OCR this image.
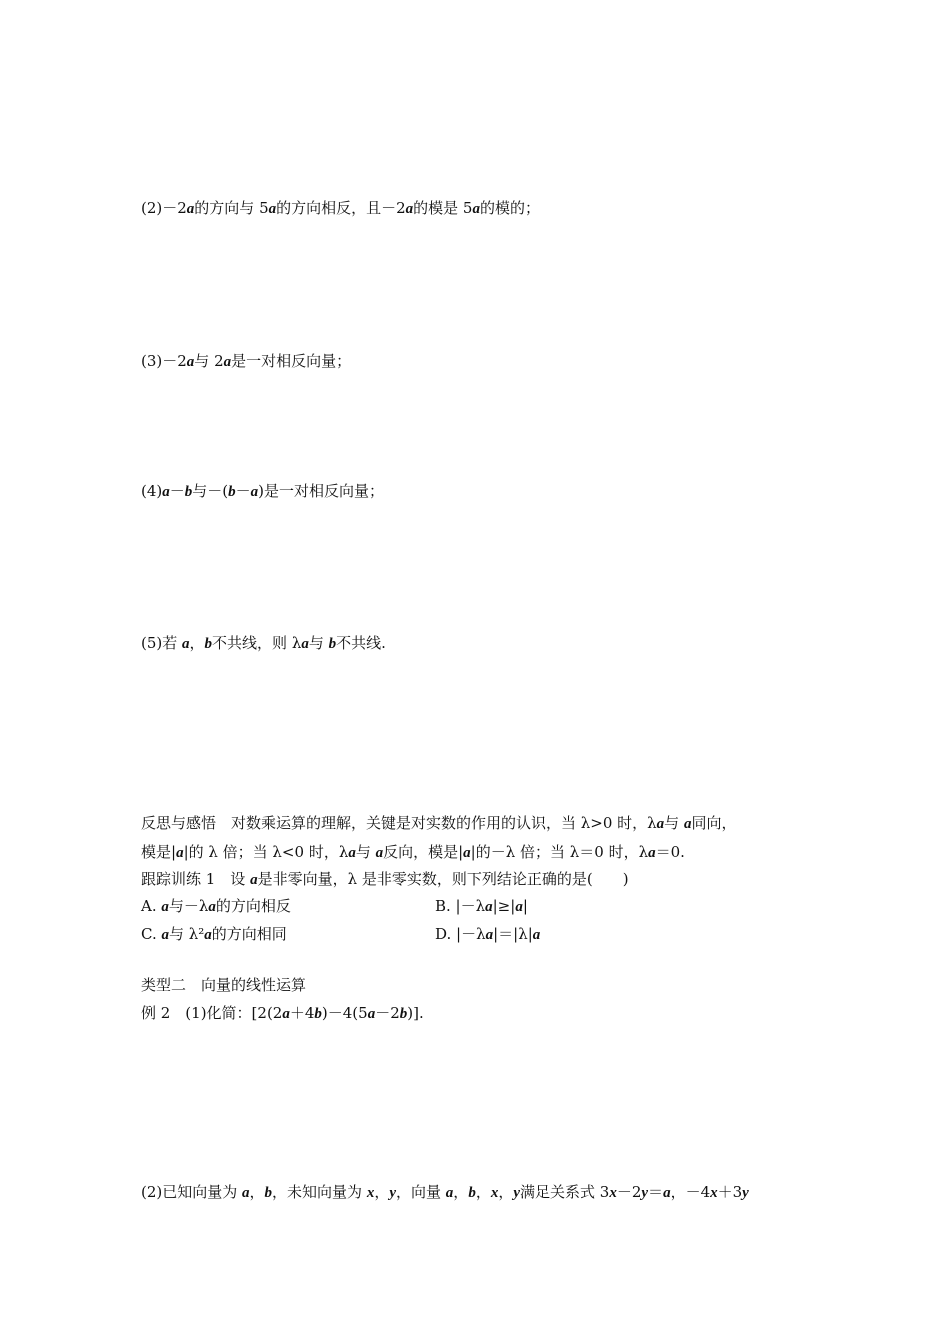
(2)－2a的方向与 5a的方向相反，且－2a的模是 5a的模的；
(3)－2a与 2a是一对相反向量；
(4)a－b与－(b－a)是一对相反向量；
(5)若 a，b不共线，则 λa与 b不共线.
反思与感悟　对数乘运算的理解，关键是对实数的作用的认识，当 λ>0 时，λa与 a同向，
模是|a|的 λ 倍；当 λ<0 时，λa与 a反向，模是|a|的－λ 倍；当 λ＝0 时，λa＝0.
跟踪训练 1　设 a是非零向量，λ 是非零实数，则下列结论正确的是(　　)
A. a与－λa的方向相反	B. |－λa|≥|a|
C. a与 λ²a的方向相同	D. |－λa|＝|λ|a
类型二　向量的线性运算
例 2　(1)化简：[2(2a＋4b)－4(5a－2b)].
(2)已知向量为 a，b，未知向量为 x，y，向量 a，b，x，y满足关系式 3x－2y＝a，－4x＋3y
